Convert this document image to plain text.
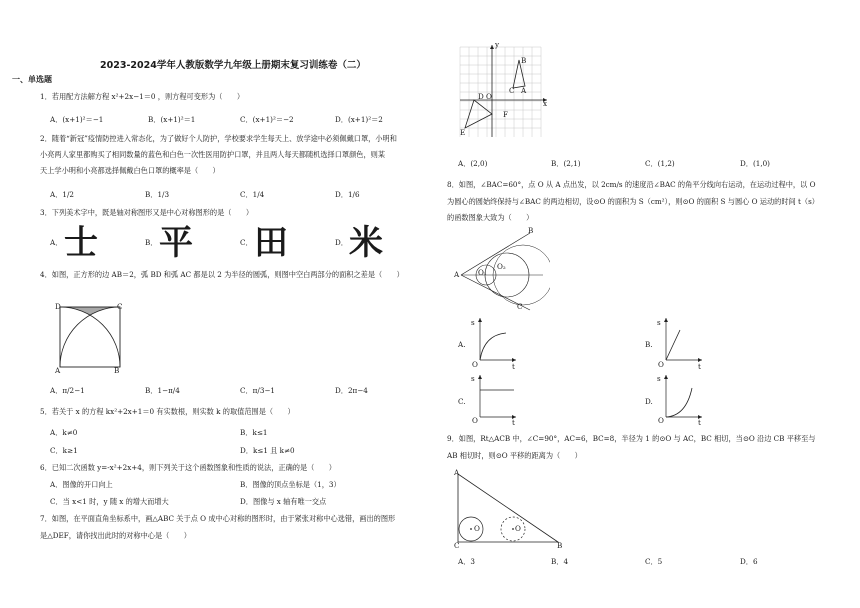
2023-2024学年人教版数学九年级上册期末复习训练卷（二）
一、单选题
1．若用配方法解方程 x²+2x−1＝0 ，则方程可变形为（　　）
A．(x+1)²＝−1	B．(x+1)²＝1	C．(x+1)²＝−2	D．(x+1)²＝2
2．随着“新冠”疫情防控进入常态化，为了做好个人防护，学校要求学生每天上、放学途中必须佩戴口罩，小明和
小亮两人家里都购买了相同数量的蓝色和白色一次性医用防护口罩，并且两人每天都随机选择口罩颜色，则某
天上学小明和小亮都选择佩戴白色口罩的概率是（　　）
A．1/2	B．1/3	C．1/4	D．1/6
3．下列美术字中，既是轴对称图形又是中心对称图形的是（　　）
A． 士	B． 平	C． 田	D． 米
4．如图，正方形的边 AB＝2，弧 BD 和弧 AC 都是以 2 为半径的圆弧，则图中空白两部分的面积之差是（　　）
D	C
A	B
A．π/2−1	B．1−π/4	C．π/3−1	D．2π−4
5．若关于 x 的方程 kx²+2x+1＝0 有实数根，则实数 k 的取值范围是（　　）
A．k≠0	B．k≤1
C．k≥1	D．k≤1 且 k≠0
6．已知二次函数 y=-x²+2x+4，则下列关于这个函数图象和性质的说法，正确的是（　　）
A．图像的开口向上	B．图像的顶点坐标是（1，3）
C．当 x<1 时，y 随 x 的增大而增大	D．图像与 x 轴有唯一交点
7．如图，在平面直角坐标系中，画△ABC 关于点 O 成中心对称的图形时，由于紧张对称中心选错，画出的图形
是△DEF，请你找出此时的对称中心是（　　）
y
x
B
A
C
D O
F
E
A．(2,0)	B．(2,1)	C．(1,2)	D．(1,0)
8．如图，∠BAC=60°，点 O 从 A 点出发，以 2cm/s 的速度沿∠BAC 的角平分线向右运动，在运动过程中，以 O
为圆心的圆始终保持与∠BAC 的两边相切，设⊙O 的面积为 S（cm²），则⊙O 的面积 S 与圆心 O 运动的时间 t（s）
的函数图象大致为（　　）
B
A
C
O₁
O₂
A.
s
t
O
B.
s
t
O
C.
s
t
O
D.
s
t
O
9．如图，Rt△ACB 中，∠C=90°，AC=6，BC=8，半径为 1 的⊙O 与 AC，BC 相切，当⊙O 沿边 CB 平移至与
AB 相切时，则⊙O 平移的距离为（　　）
A
C	B
O	O
A．3	B．4	C．5	D．6
